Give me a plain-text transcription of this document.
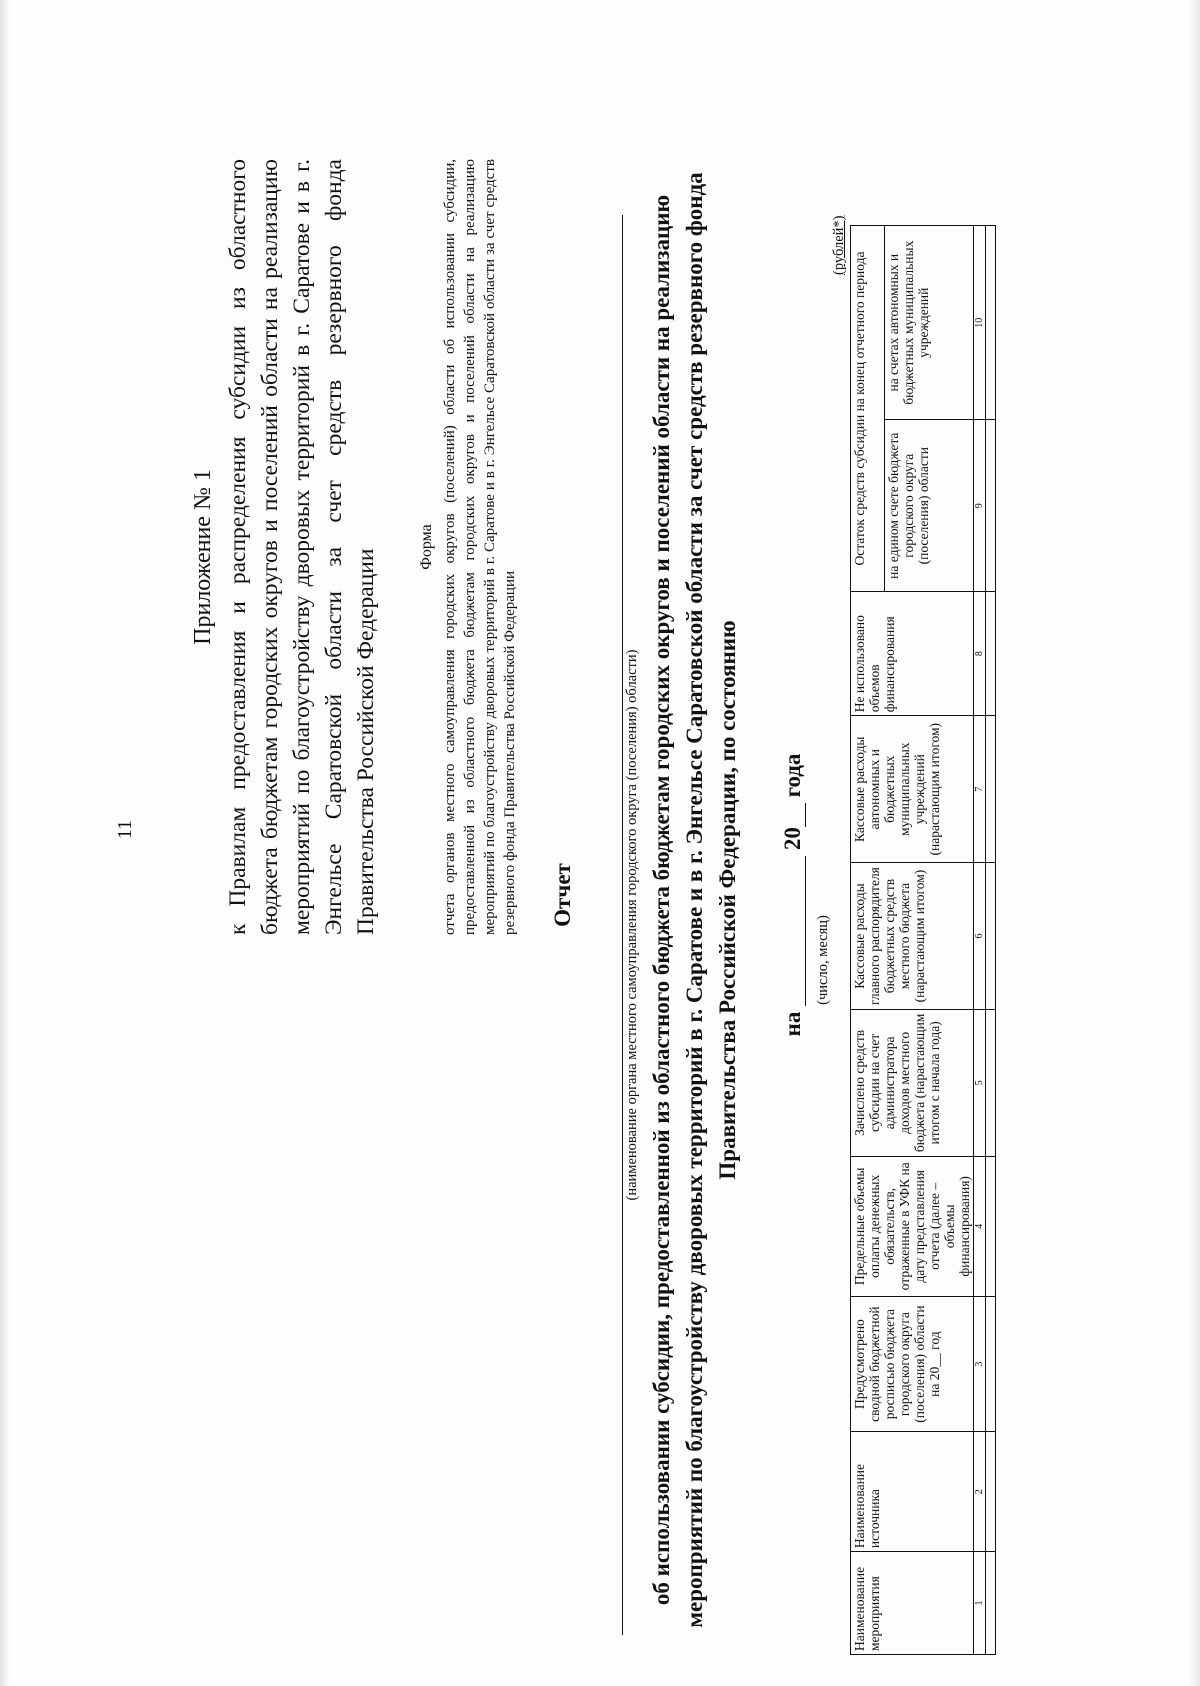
11
Приложение № 1 к Правилам предоставления и распределения субсидии из областного бюджета бюджетам городских округов и поселений области на реализацию мероприятий по благоустройству дворовых территорий в г. Саратове и в г. Энгельсе Саратовской области за счет средств резервного фонда Правительства Российской Федерации
Форма отчета органов местного самоуправления городских округов (поселений) области об использовании субсидии, предоставленной из областного бюджета бюджетам городских округов и поселений области на реализацию мероприятий по благоустройству дворовых территорий в г. Саратове и в г. Энгельсе Саратовской области за счет средств резервного фонда Правительства Российской Федерации Отчет	(наименование органа местного самоуправления городского округа (поселения) области) об использовании субсидии, предоставленной из областного бюджета бюджетам городских округов и поселений области на реализацию мероприятий по благоустройству дворовых территорий в г. Саратове и в г. Энгельсе Саратовской области за счет средств резервного фонда Правительства Российской Федерации, по состоянию на  20 года
(число, месяц)
(рублей*)
Наименование мероприятия	Наименование источника	Предусмотрено сводной бюджетной росписью бюджета городского округа (поселения) области на 20__ год	Предельные объемы оплаты денежных обязательств, отраженные в УФК на дату представления отчета (далее – объемы финансирования)	Зачислено средств субсидии на счет администратора доходов местного бюджета (нарастающим итогом с начала года)	Кассовые расходы главного распорядителя бюджетных средств местного бюджета (нарастающим итогом)	Кассовые расходы автономных и бюджетных муниципальных учреждений (нарастающим итогом)	Не использовано объемов финансирования	Остаток средств субсидии на конец отчетного периода	
								на едином счете бюджета городского округа (поселения) области	на счетах автономных и бюджетных муниципальных учреждений
1	2	3	4	5	6	7	8	9	10
